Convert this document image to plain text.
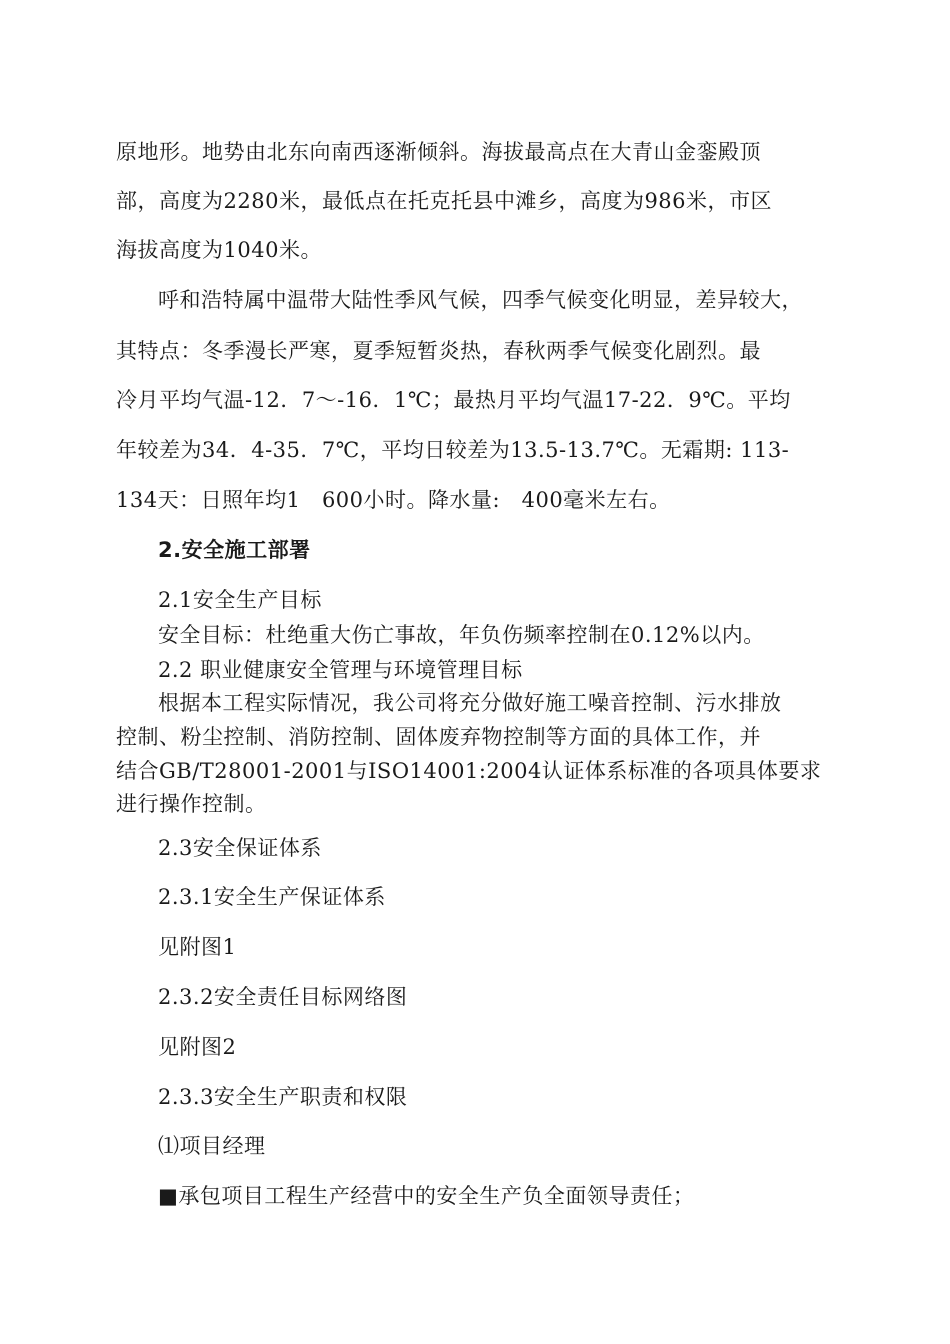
原地形。地势由北东向南西逐渐倾斜。海拔最高点在大青山金銮殿顶
部，高度为2280米，最低点在托克托县中滩乡，高度为986米，市区
海拔高度为1040米。
呼和浩特属中温带大陆性季风气候，四季气候变化明显，差异较大，
其特点：冬季漫长严寒，夏季短暂炎热，春秋两季气候变化剧烈。最
冷月平均气温-12．7～-16．1℃；最热月平均气温17-22．9℃。平均
年较差为34．4-35．7℃，平均日较差为13.5-13.7℃。无霜期: 113-
134天：日照年均1　600小时。降水量:　400毫米左右。
2.安全施工部署
2.1安全生产目标
安全目标：杜绝重大伤亡事故，年负伤频率控制在0.12%以内。
2.2 职业健康安全管理与环境管理目标
根据本工程实际情况，我公司将充分做好施工噪音控制、污水排放
控制、粉尘控制、消防控制、固体废弃物控制等方面的具体工作，并
结合GB/T28001-2001与ISO14001:2004认证体系标准的各项具体要求
进行操作控制。
2.3安全保证体系
2.3.1安全生产保证体系
见附图1
2.3.2安全责任目标网络图
见附图2
2.3.3安全生产职责和权限
⑴项目经理
■承包项目工程生产经营中的安全生产负全面领导责任；
